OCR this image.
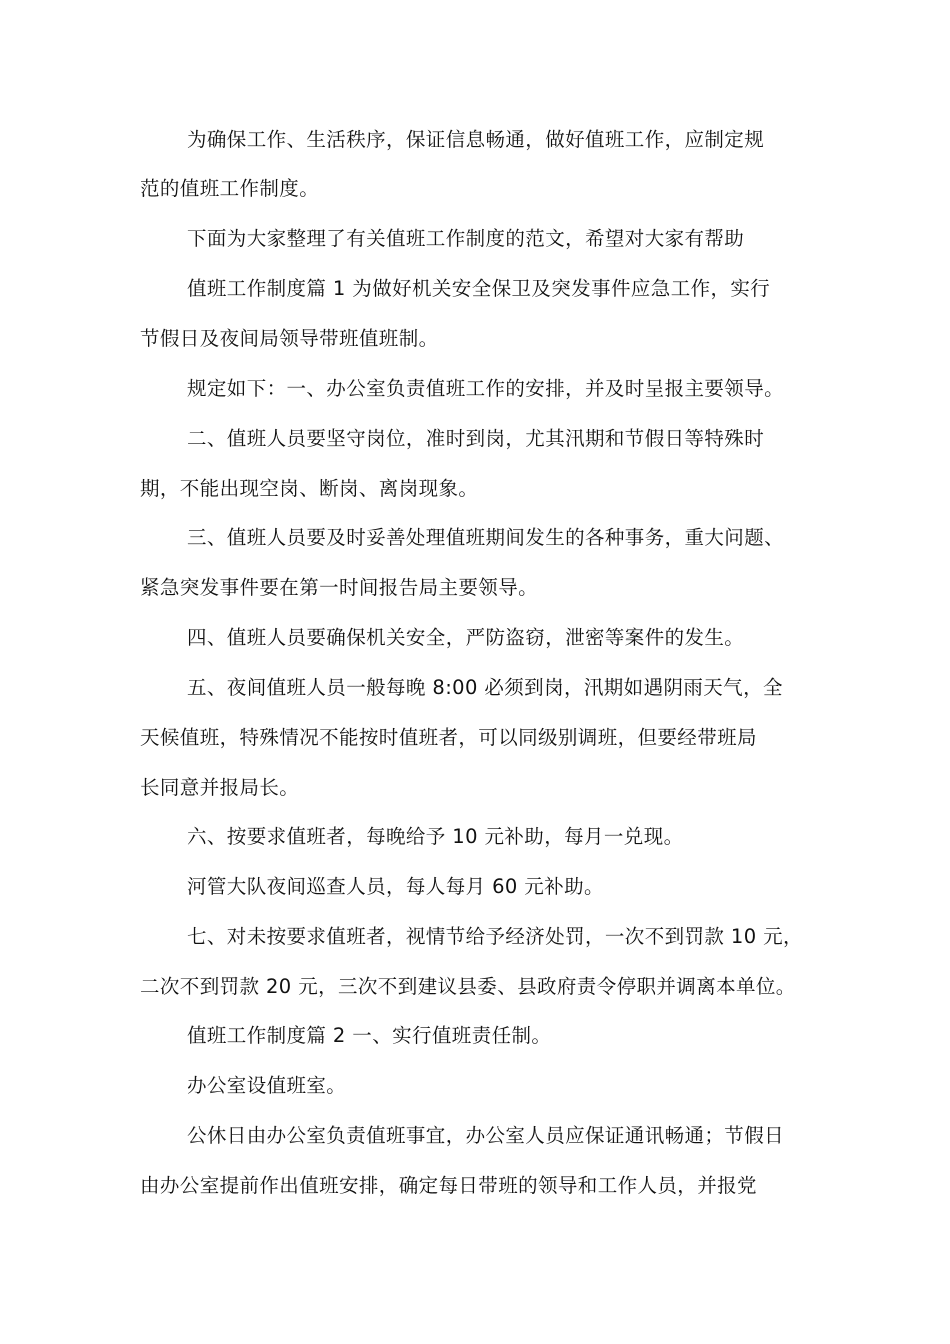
为确保工作、生活秩序，保证信息畅通，做好值班工作，应制定规
范的值班工作制度。
下面为大家整理了有关值班工作制度的范文，希望对大家有帮助
值班工作制度篇 1 为做好机关安全保卫及突发事件应急工作，实行
节假日及夜间局领导带班值班制。
规定如下：一、办公室负责值班工作的安排，并及时呈报主要领导。
二、值班人员要坚守岗位，准时到岗，尤其汛期和节假日等特殊时
期，不能出现空岗、断岗、离岗现象。
三、值班人员要及时妥善处理值班期间发生的各种事务，重大问题、
紧急突发事件要在第一时间报告局主要领导。
四、值班人员要确保机关安全，严防盗窃，泄密等案件的发生。
五、夜间值班人员一般每晚 8:00 必须到岗，汛期如遇阴雨天气，全
天候值班，特殊情况不能按时值班者，可以同级别调班，但要经带班局
长同意并报局长。
六、按要求值班者，每晚给予 10 元补助，每月一兑现。
河管大队夜间巡查人员，每人每月 60 元补助。
七、对未按要求值班者，视情节给予经济处罚，一次不到罚款 10 元，
二次不到罚款 20 元，三次不到建议县委、县政府责令停职并调离本单位。
值班工作制度篇 2 一、实行值班责任制。
办公室设值班室。
公休日由办公室负责值班事宜，办公室人员应保证通讯畅通；节假日
由办公室提前作出值班安排，确定每日带班的领导和工作人员，并报党
